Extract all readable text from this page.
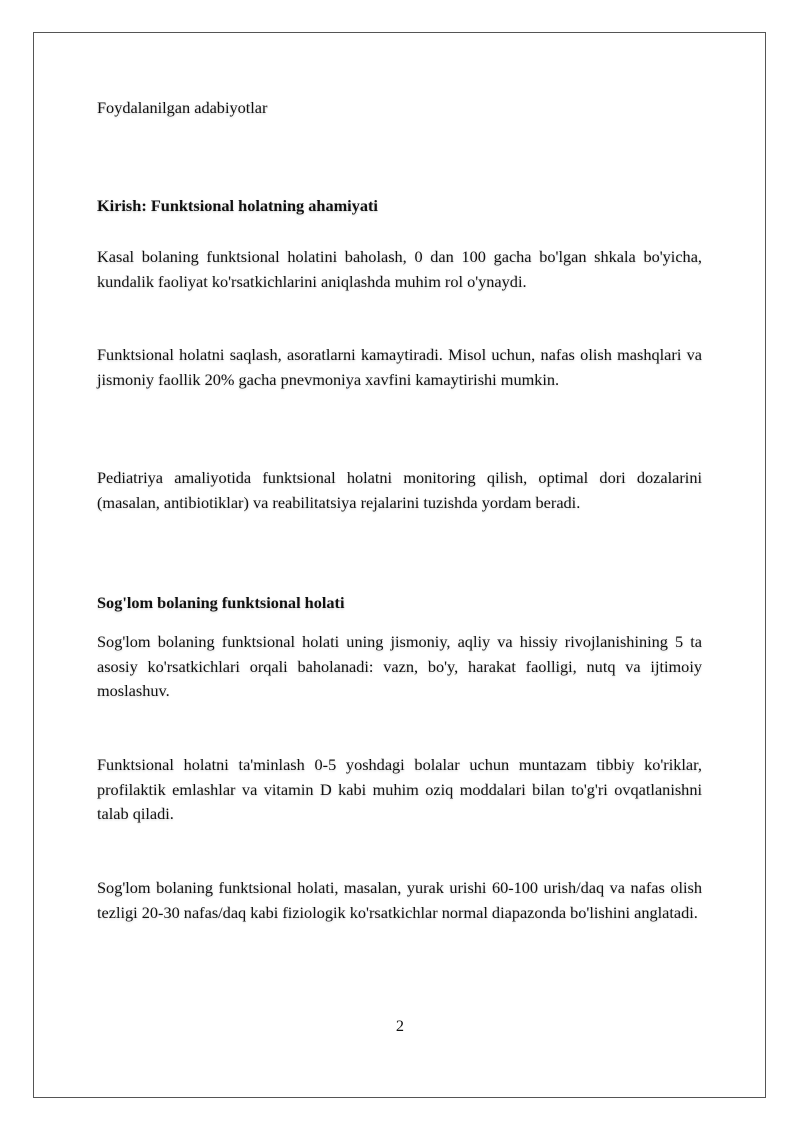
Foydalanilgan adabiyotlar
Kirish: Funktsional holatning ahamiyati
Kasal bolaning funktsional holatini baholash, 0 dan 100 gacha bo'lgan shkala bo'yicha, kundalik faoliyat ko'rsatkichlarini aniqlashda muhim rol o'ynaydi.
Funktsional holatni saqlash, asoratlarni kamaytiradi. Misol uchun, nafas olish mashqlari va jismoniy faollik 20% gacha pnevmoniya xavfini kamaytirishi mumkin.
Pediatriya amaliyotida funktsional holatni monitoring qilish, optimal dori dozalarini (masalan, antibiotiklar) va reabilitatsiya rejalarini tuzishda yordam beradi.
Sog'lom bolaning funktsional holati
Sog'lom bolaning funktsional holati uning jismoniy, aqliy va hissiy rivojlanishining 5 ta asosiy ko'rsatkichlari orqali baholanadi: vazn, bo'y, harakat faolligi, nutq va ijtimoiy moslashuv.
Funktsional holatni ta'minlash 0-5 yoshdagi bolalar uchun muntazam tibbiy ko'riklar, profilaktik emlashlar va vitamin D kabi muhim oziq moddalari bilan to'g'ri ovqatlanishni talab qiladi.
Sog'lom bolaning funktsional holati, masalan, yurak urishi 60-100 urish/daq va nafas olish tezligi 20-30 nafas/daq kabi fiziologik ko'rsatkichlar normal diapazonda bo'lishini anglatadi.
2
